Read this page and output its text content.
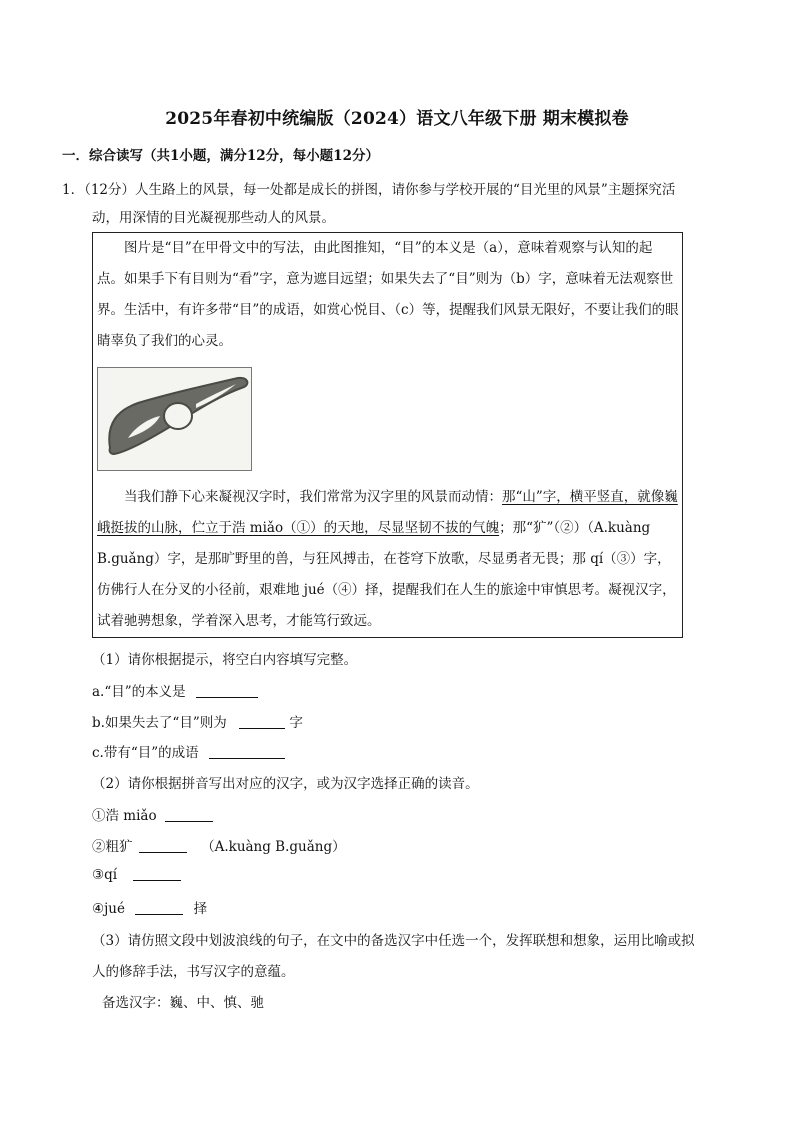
2025年春初中统编版（2024）语文八年级下册 期末模拟卷
一．综合读写（共1小题，满分12分，每小题12分）
1．（12分）人生路上的风景，每一处都是成长的拼图，请你参与学校开展的“目光里的风景”主题探究活
动，用深情的目光凝视那些动人的风景。
图片是“目”在甲骨文中的写法，由此图推知，“目”的本义是（a），意味着观察与认知的起点。如果手下有目则为“看”字，意为遮目远望；如果失去了“目”则为（b）字，意味着无法观察世界。生活中，有许多带“目”的成语，如赏心悦目、（c）等，提醒我们风景无限好，不要让我们的眼睛辜负了我们的心灵。
当我们静下心来凝视汉字时，我们常常为汉字里的风景而动情：那“山”字，横平竖直，就像巍峨挺拔的山脉，伫立于浩 miǎo（①）的天地，尽显坚韧不拔的气魄；那“犷”（②）（A.kuàng B.guǎng）字，是那旷野里的兽，与狂风搏击，在苍穹下放歌，尽显勇者无畏；那 qí（③）字，仿佛行人在分叉的小径前，艰难地 jué（④）择，提醒我们在人生的旅途中审慎思考。凝视汉字，试着驰骋想象，学着深入思考，才能笃行致远。
（1）请你根据提示，将空白内容填写完整。
a.“目”的本义是
b.如果失去了“目”则为	字
c.带有“目”的成语
（2）请你根据拼音写出对应的汉字，或为汉字选择正确的读音。
①浩 miǎo
②粗犷	（A.kuàng B.guǎng）
③qí
④jué	择
（3）请仿照文段中划波浪线的句子，在文中的备选汉字中任选一个，发挥联想和想象，运用比喻或拟
人的修辞手法，书写汉字的意蕴。
备选汉字：巍、中、慎、驰
